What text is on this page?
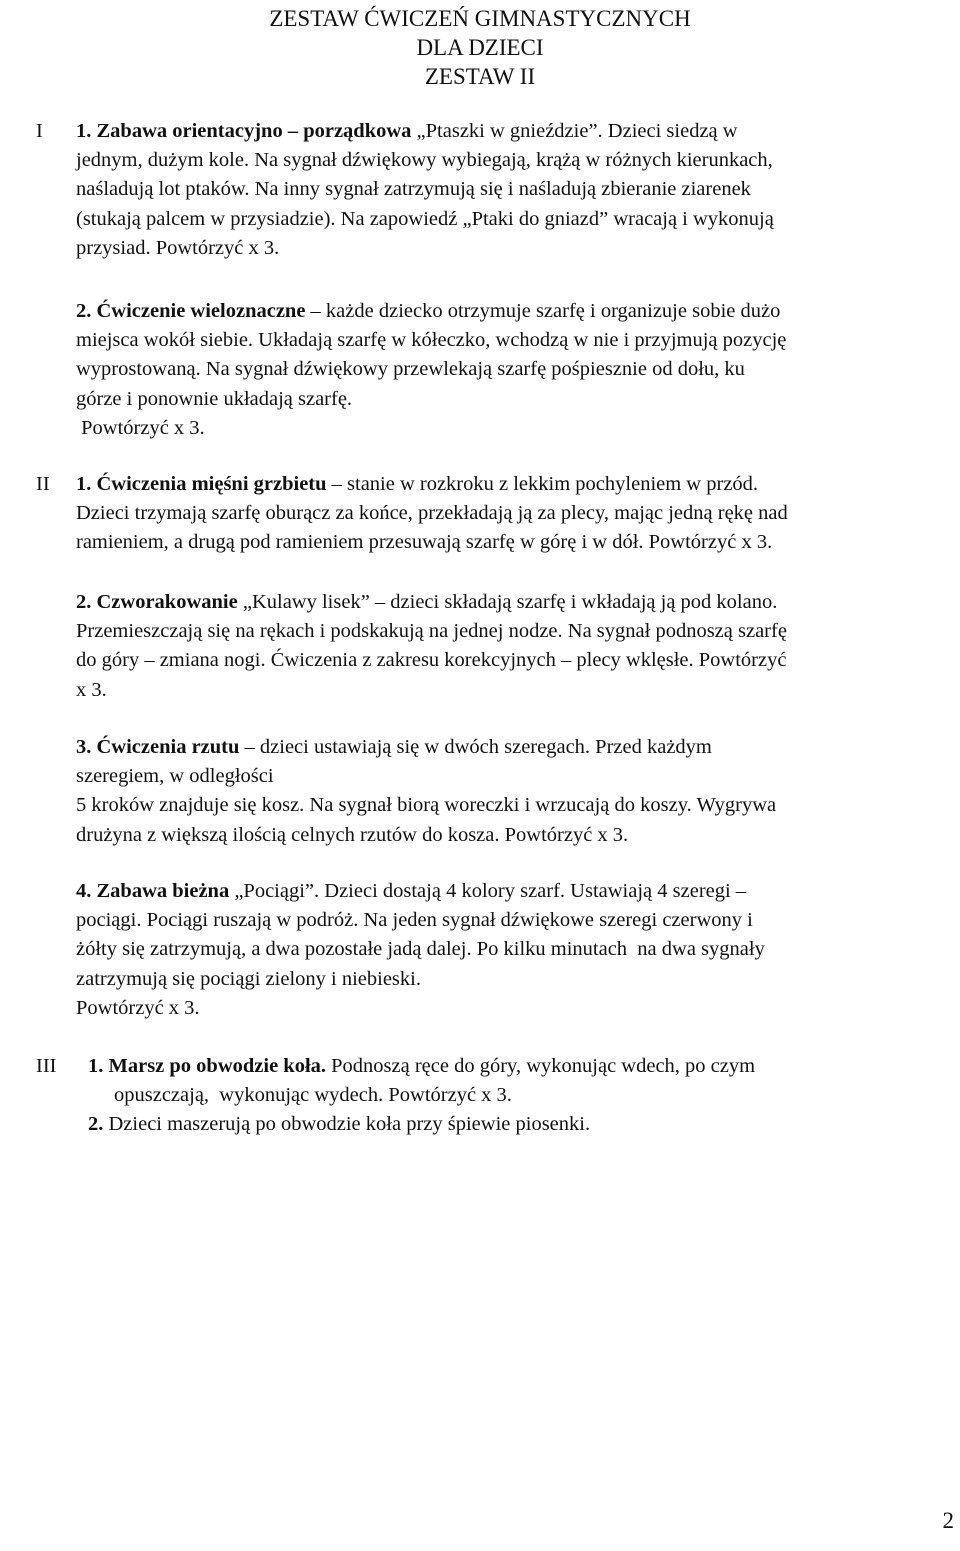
ZESTAW ĆWICZEŃ GIMNASTYCZNYCH
DLA DZIECI
ZESTAW II
I 1. Zabawa orientacyjno – porządkowa „Ptaszki w gnieździe”. Dzieci siedzą w
jednym, dużym kole. Na sygnał dźwiękowy wybiegają, krążą w różnych kierunkach,
naśladują lot ptaków. Na inny sygnał zatrzymują się i naśladują zbieranie ziarenek
(stukają palcem w przysiadzie). Na zapowiedź „Ptaki do gniazd” wracają i wykonują
przysiad. Powtórzyć x 3.
2. Ćwiczenie wieloznaczne – każde dziecko otrzymuje szarfę i organizuje sobie dużo
miejsca wokół siebie. Układają szarfę w kółeczko, wchodzą w nie i przyjmują pozycję
wyprostowaną. Na sygnał dźwiękowy przewlekają szarfę pośpiesznie od dołu, ku
górze i ponownie układają szarfę.
Powtórzyć x 3.
II 1. Ćwiczenia mięśni grzbietu – stanie w rozkroku z lekkim pochyleniem w przód.
Dzieci trzymają szarfę oburącz za końce, przekładają ją za plecy, mając jedną rękę nad
ramieniem, a drugą pod ramieniem przesuwają szarfę w górę i w dół. Powtórzyć x 3.
2. Czworakowanie „Kulawy lisek” – dzieci składają szarfę i wkładają ją pod kolano.
Przemieszczają się na rękach i podskakują na jednej nodze. Na sygnał podnoszą szarfę
do góry – zmiana nogi. Ćwiczenia z zakresu korekcyjnych – plecy wklęsłe. Powtórzyć
x 3.
3. Ćwiczenia rzutu – dzieci ustawiają się w dwóch szeregach. Przed każdym
szeregiem, w odległości
5 kroków znajduje się kosz. Na sygnał biorą woreczki i wrzucają do koszy. Wygrywa
drużyna z większą ilością celnych rzutów do kosza. Powtórzyć x 3.
4. Zabawa bieżna „Pociągi”. Dzieci dostają 4 kolory szarf. Ustawiają 4 szeregi –
pociągi. Pociągi ruszają w podróż. Na jeden sygnał dźwiękowe szeregi czerwony i
żółty się zatrzymują, a dwa pozostałe jadą dalej. Po kilku minutach  na dwa sygnały
zatrzymują się pociągi zielony i niebieski.
Powtórzyć x 3.
III 1. Marsz po obwodzie koła. Podnoszą ręce do góry, wykonując wdech, po czym
opuszczają,  wykonując wydech. Powtórzyć x 3.
2. Dzieci maszerują po obwodzie koła przy śpiewie piosenki.
2
